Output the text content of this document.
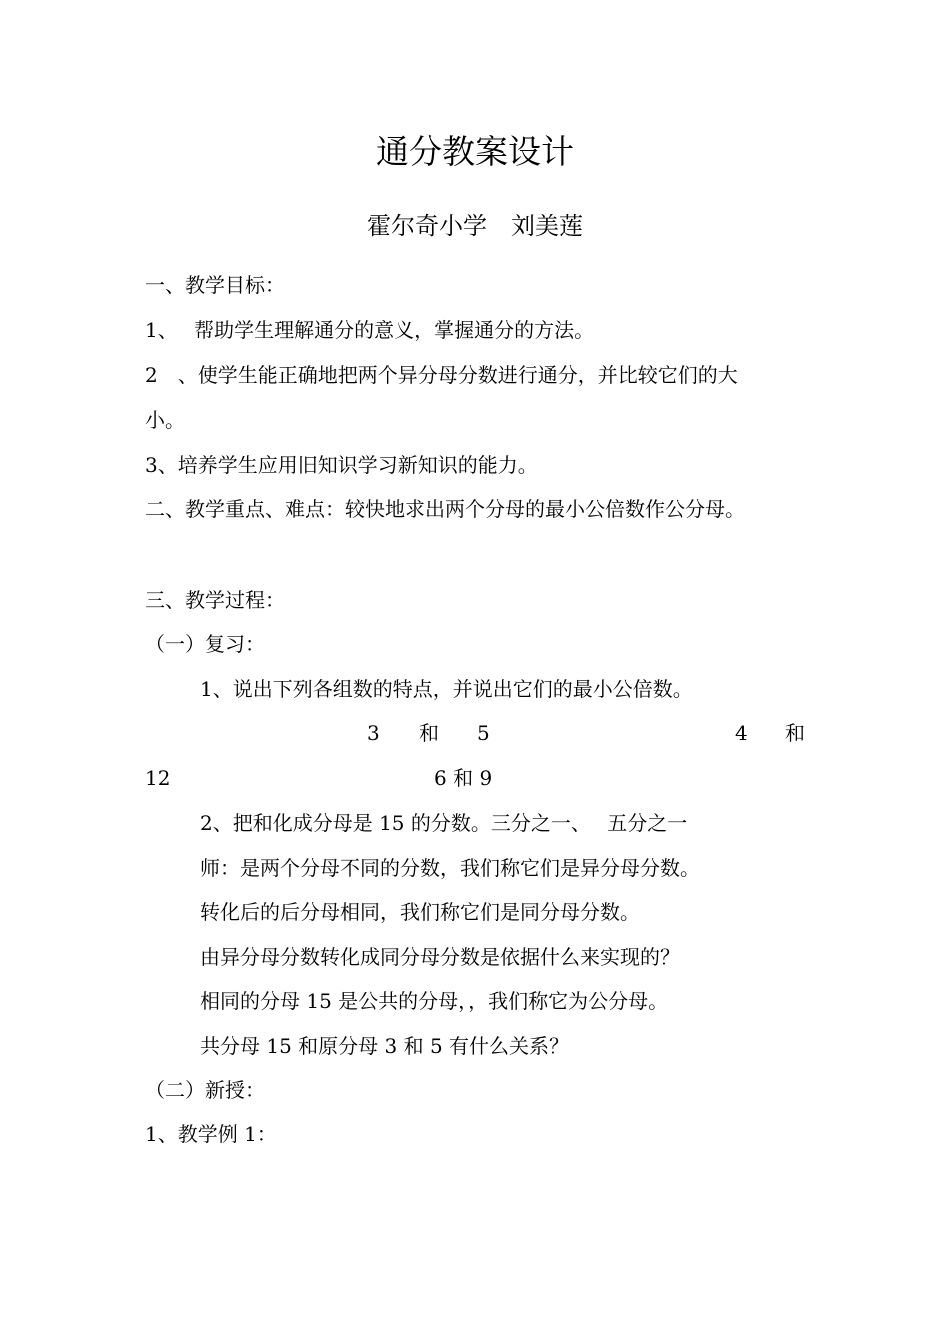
通分教案设计
霍尔奇小学　刘美莲
一、教学目标：
1、　 帮助学生理解通分的意义，掌握通分的方法。
2　、使学生能正确地把两个异分母分数进行通分，并比较它们的大
小。
3、培养学生应用旧知识学习新知识的能力。
二、教学重点、难点：较快地求出两个分母的最小公倍数作公分母。
三、教学过程：
（一）复习：
1、说出下列各组数的特点，并说出它们的最小公倍数。
3 和 5	4 和
12	6 和 9
2、把和化成分母是 15 的分数。三分之一、　 五分之一
师：是两个分母不同的分数，我们称它们是异分母分数。
转化后的后分母相同，我们称它们是同分母分数。
由异分母分数转化成同分母分数是依据什么来实现的？
相同的分母 15 是公共的分母，，我们称它为公分母。
共分母 15 和原分母 3 和 5 有什么关系？
（二）新授：
1、教学例 1：
